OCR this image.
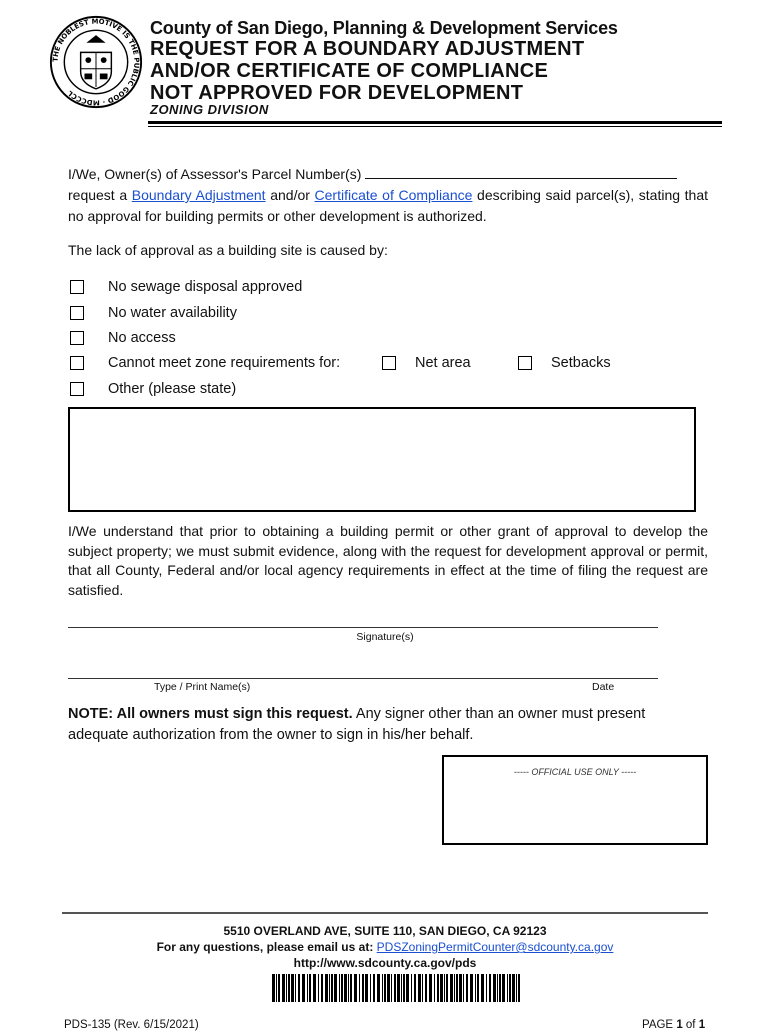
THE NOBLEST MOTIVE IS THE PUBLIC GOOD · MDCCCL
County of San Diego, Planning & Development Services
REQUEST FOR A BOUNDARY ADJUSTMENT
AND/OR CERTIFICATE OF COMPLIANCE
NOT APPROVED FOR DEVELOPMENT
ZONING DIVISION
I/We, Owner(s) of Assessor's Parcel Number(s)
request a Boundary Adjustment and/or Certificate of Compliance describing said parcel(s), stating that no approval for building permits or other development is authorized.
The lack of approval as a building site is caused by:
No sewage disposal approved
No water availability
No access
Cannot meet zone requirements for:	Net area	Setbacks
Other (please state)
I/We understand that prior to obtaining a building permit or other grant of approval to develop the subject property; we must submit evidence, along with the request for development approval or permit, that all County, Federal and/or local agency requirements in effect at the time of filing the request are satisfied.
Signature(s)
Type / Print Name(s)	Date
NOTE: All owners must sign this request. Any signer other than an owner must present adequate authorization from the owner to sign in his/her behalf.
----- OFFICIAL USE ONLY -----
5510 OVERLAND AVE, SUITE 110, SAN DIEGO, CA 92123
For any questions, please email us at: PDSZoningPermitCounter@sdcounty.ca.gov
http://www.sdcounty.ca.gov/pds
PDS-135 (Rev. 6/15/2021)	PAGE 1 of 1
